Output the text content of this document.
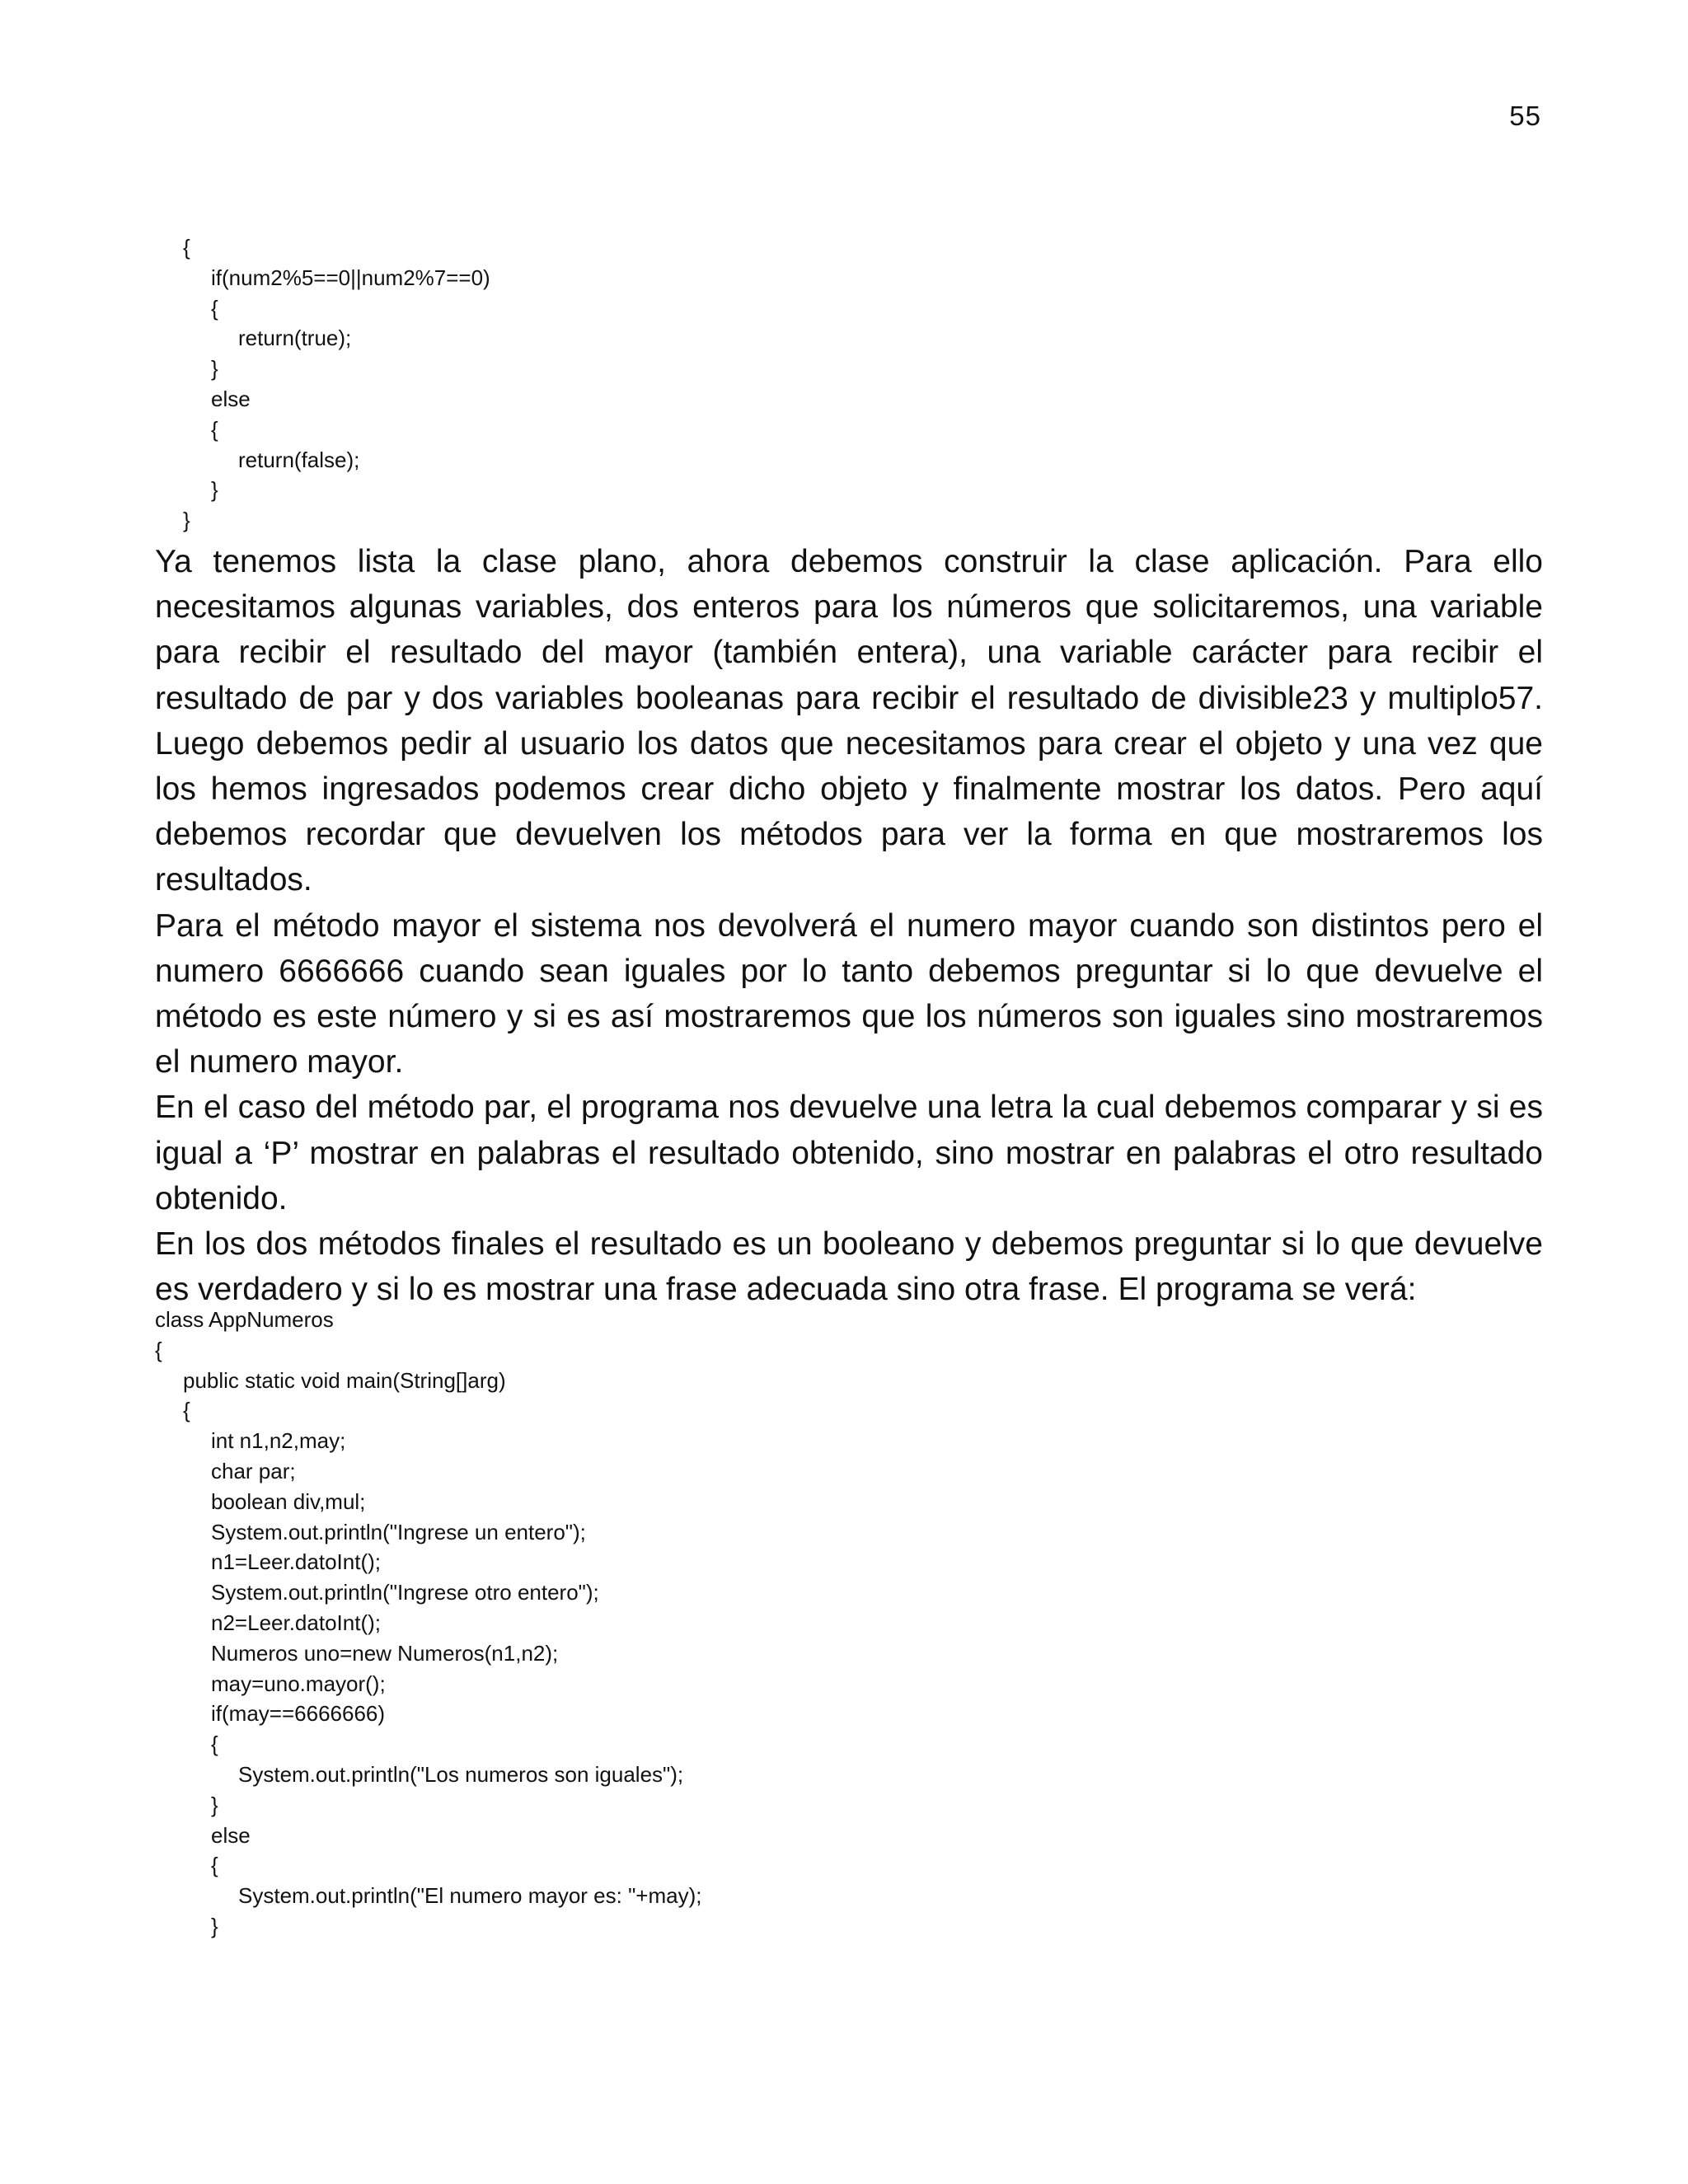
55
{
if(num2%5==0||num2%7==0)
{
return(true);
}
else
{
return(false);
}
}

Ya tenemos lista la clase plano, ahora debemos construir la clase aplicación. Para ello necesitamos algunas variables, dos enteros para los números que solicitaremos, una variable para recibir el resultado del mayor (también entera), una variable carácter para recibir el resultado de par y dos variables booleanas para recibir el resultado de divisible23 y multiplo57. Luego debemos pedir al usuario los datos que necesitamos para crear el objeto y una vez que los hemos ingresados podemos crear dicho objeto y finalmente mostrar los datos. Pero aquí debemos recordar que devuelven los métodos para ver la forma en que mostraremos los resultados.

Para el método mayor el sistema nos devolverá el numero mayor cuando son distintos pero el numero 6666666 cuando sean iguales por lo tanto debemos preguntar si lo que devuelve el método es este número y si es así mostraremos que los números son iguales sino mostraremos el numero mayor.

En el caso del método par, el programa nos devuelve una letra la cual debemos comparar y si es igual a ‘P’ mostrar en palabras el resultado obtenido, sino mostrar en palabras el otro resultado obtenido.

En los dos métodos finales el resultado es un booleano y debemos preguntar si lo que devuelve es verdadero y si lo es mostrar una frase adecuada sino otra frase. El programa se verá:

class AppNumeros
{
public static void main(String[]arg)
{
int n1,n2,may;
char par;
boolean div,mul;
System.out.println("Ingrese un entero");
n1=Leer.datoInt();
System.out.println("Ingrese otro entero");
n2=Leer.datoInt();
Numeros uno=new Numeros(n1,n2);
may=uno.mayor();
if(may==6666666)
{
System.out.println("Los numeros son iguales");
}
else
{
System.out.println("El numero mayor es: "+may);
}
